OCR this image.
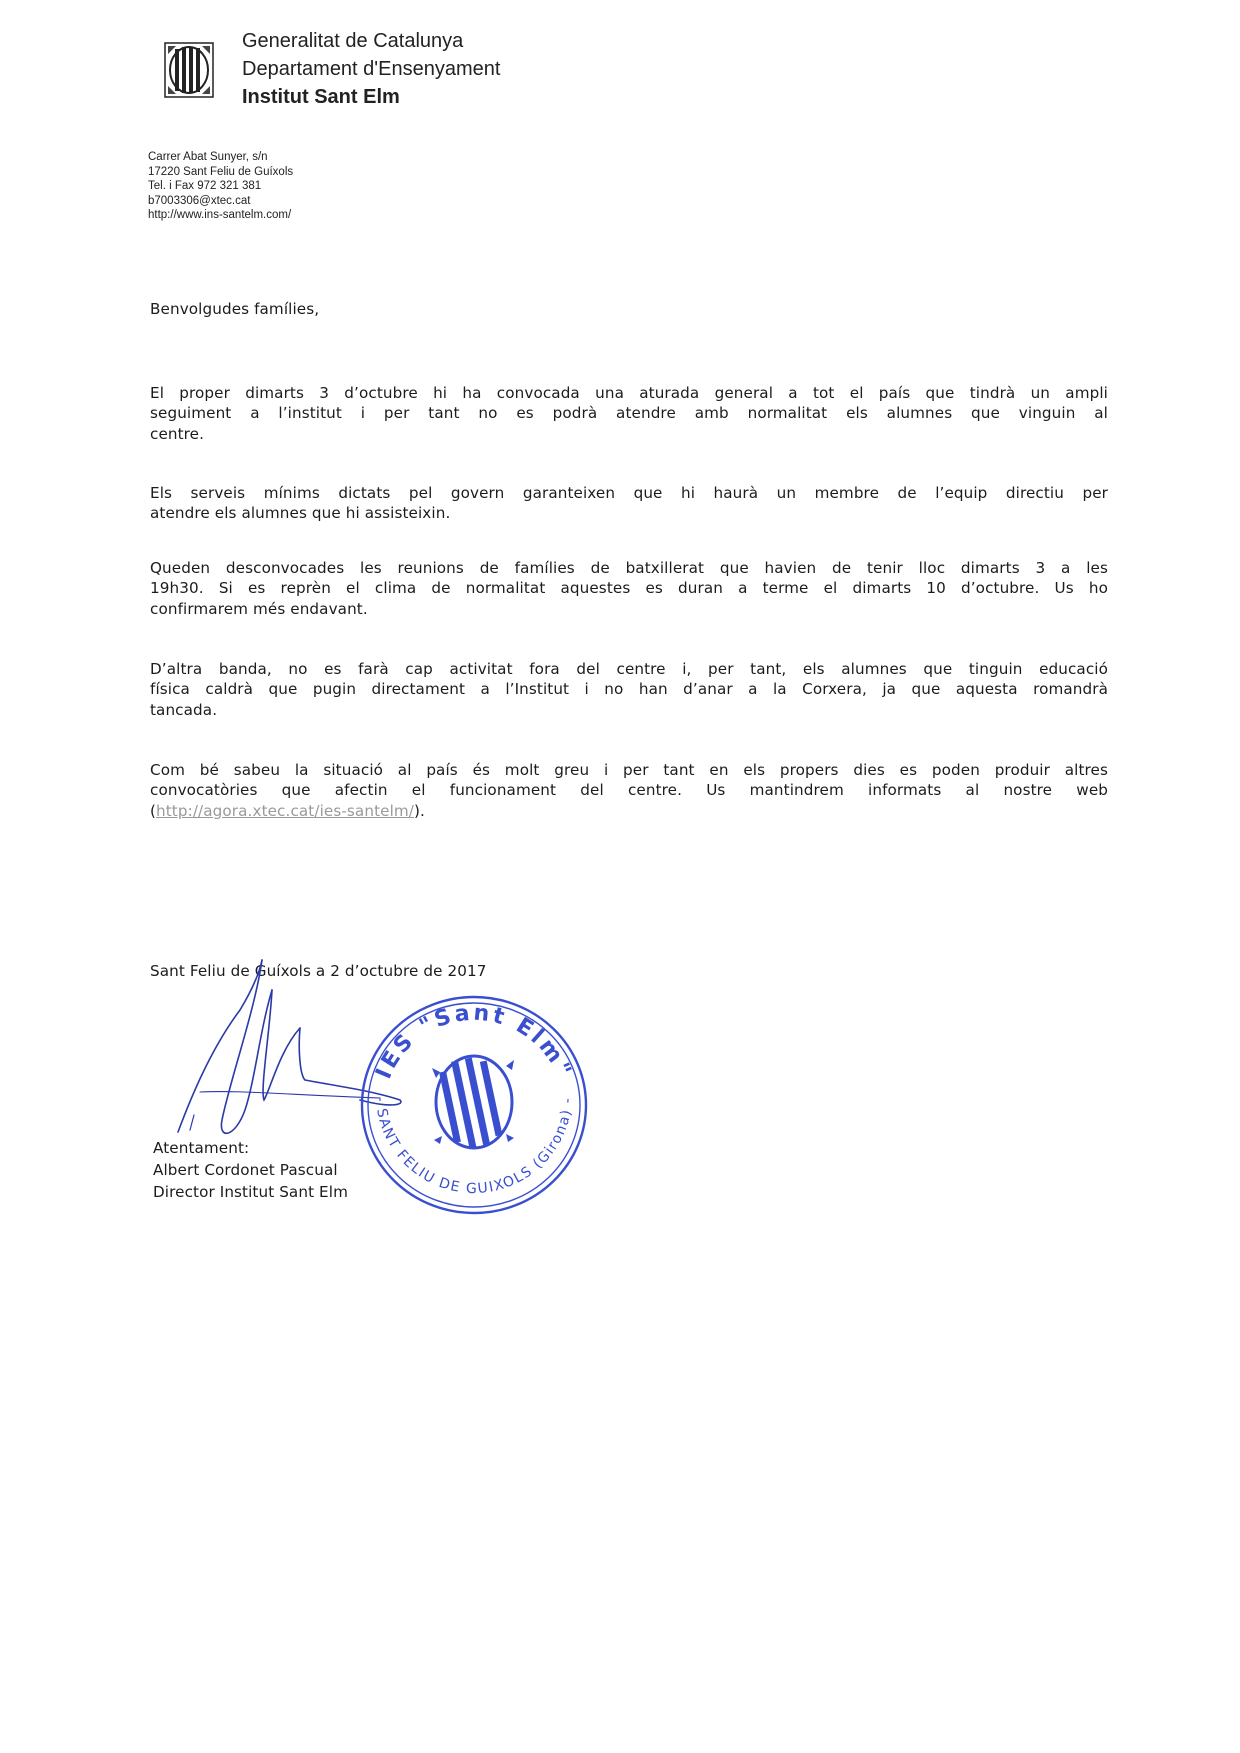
Generalitat de Catalunya
Departament d'Ensenyament
Institut Sant Elm
Carrer Abat Sunyer, s/n
17220 Sant Feliu de Guíxols
Tel. i Fax 972 321 381
b7003306@xtec.cat
http://www.ins-santelm.com/
Benvolgudes famílies,

El proper dimarts 3 d’octubre hi ha convocada una aturada general a tot el país que tindrà un ampli
seguiment a l’institut i per tant no es podrà atendre amb normalitat els alumnes que vinguin al
centre.

Els serveis mínims dictats pel govern garanteixen que hi haurà un membre de l’equip directiu per
atendre els alumnes que hi assisteixin.

Queden desconvocades les reunions de famílies de batxillerat que havien de tenir lloc dimarts 3 a les
19h30. Si es reprèn el clima de normalitat aquestes es duran a terme el dimarts 10 d’octubre. Us ho
confirmarem més endavant.

D’altra banda, no es farà cap activitat fora del centre i, per tant, els alumnes que tinguin educació
física caldrà que pugin directament a l’Institut i no han d’anar a la Corxera, ja que aquesta romandrà
tancada.

Com bé sabeu la situació al país és molt greu i per tant en els propers dies es poden produir altres
convocatòries que afectin el funcionament del centre. Us mantindrem informats al nostre web
(http://agora.xtec.cat/ies-santelm/).

Sant Feliu de Guíxols a 2 d’octubre de 2017
Atentament:
Albert Cordonet Pascual
Director Institut Sant Elm
IES "Sant Elm"
- SANT FELIU DE GUIXOLS (Girona) -
